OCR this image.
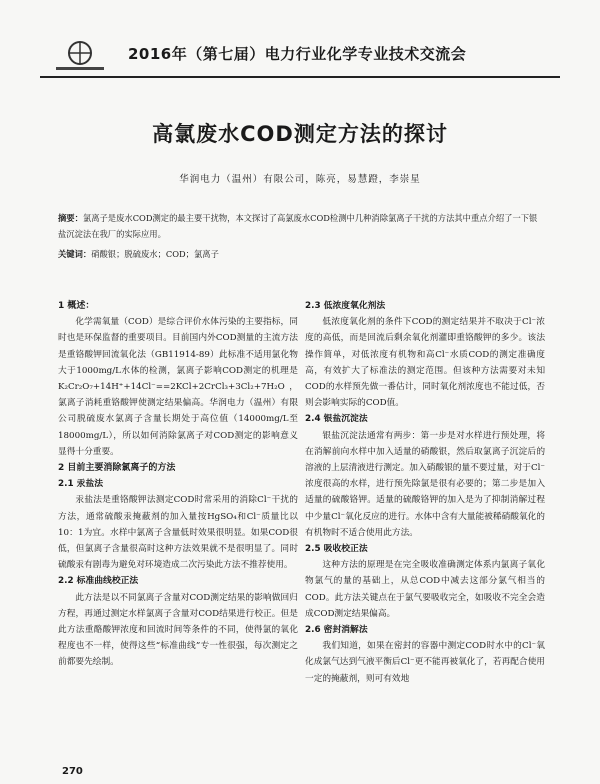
2016年（第七届）电力行业化学专业技术交流会
高氯废水COD测定方法的探讨
华润电力（温州）有限公司，陈亮，易慧蹬，李崇星
摘要：氯离子是废水COD测定的最主要干扰物，本文探讨了高氯废水COD检测中几种消除氯离子干扰的方法其中重点介绍了一下银盐沉淀法在我厂的实际应用。
关键词：硝酸银；脱硫废水；COD；氯离子

1 概述：

化学需氧量（COD）是综合评价水体污染的主要指标，同时也是环保监督的重要项目。目前国内外COD测量的主流方法是重铬酸钾回流氧化法（GB11914-89）此标准不适用氯化物大于1000mg/L水体的检测，氯离子影响COD测定的机理是K₂Cr₂O₇+14H⁺+14Cl⁻==2KCl+2CrCl₃+3Cl₂+7H₂O，氯离子消耗重铬酸钾使测定结果偏高。华润电力（温州）有限公司脱硫废水氯离子含量长期处于高位值（14000mg/L至18000mg/L），所以如何消除氯离子对COD测定的影响意义显得十分重要。

2 目前主要消除氯离子的方法

2.1 汞盐法

汞盐法是重铬酸钾法测定COD时常采用的消除Cl⁻干扰的方法，通常硫酸汞掩蔽剂的加入量按HgSO₄和Cl⁻质量比以10：1为宜。水样中氯离子含量低时效果很明显。如果COD很低，但氯离子含量很高时这种方法效果就不是很明显了。同时硫酸汞有剧毒为避免对环境造成二次污染此方法不推荐使用。

2.2 标准曲线校正法

此方法是以不同氯离子含量对COD测定结果的影响做回归方程，再通过测定水样氯离子含量对COD结果进行校正。但是此方法重酪酸钾浓度和回流时间等条件的不同，使得氯的氧化程度也不一样，使得这些“标准曲线”专一性很强，每次测定之前都要先绘制。

2.3 低浓度氧化剂法

低浓度氧化剂的条件下COD的测定结果并不取决于Cl⁻浓度的高低，而是回流后剩余氧化剂灌即重铬酸钾的多少。该法操作简单，对低浓度有机物和高Cl⁻水质COD的测定准确度高，有效扩大了标准法的测定范围。但该种方法需要对未知COD的水样预先做一番估计，同时氧化剂浓度也不能过低，否则会影响实际的COD值。

2.4 银盐沉淀法

银盐沉淀法通常有两步：第一步是对水样进行预处理，将在消解前向水样中加入适量的硝酸银，然后取氯离子沉淀后的溶液的上层清液进行测定。加入硝酸银的量不要过量，对于Cl⁻浓度很高的水样，进行预先除氯是很有必要的；第二步是加入适量的硫酸铬钾。适量的硫酸铬钾的加入是为了抑制消解过程中少量Cl⁻氧化反应的进行。水体中含有大量能被稀硝酸氧化的有机物时不适合使用此方法。

2.5 吸收校正法

这种方法的原理是在完全吸收准确测定体系内氯离子氧化物氯气的量的基础上，从总COD中减去这部分氯气相当的COD。此方法关键点在于氯气要吸收完全，如吸收不完全会造成COD测定结果偏高。

2.6 密封消解法

我们知道，如果在密封的容器中测定COD时水中的Cl⁻氧化成氯气达到气液平衡后Cl⁻更不能再被氧化了，若再配合使用一定的掩蔽剂，则可有效地

270
